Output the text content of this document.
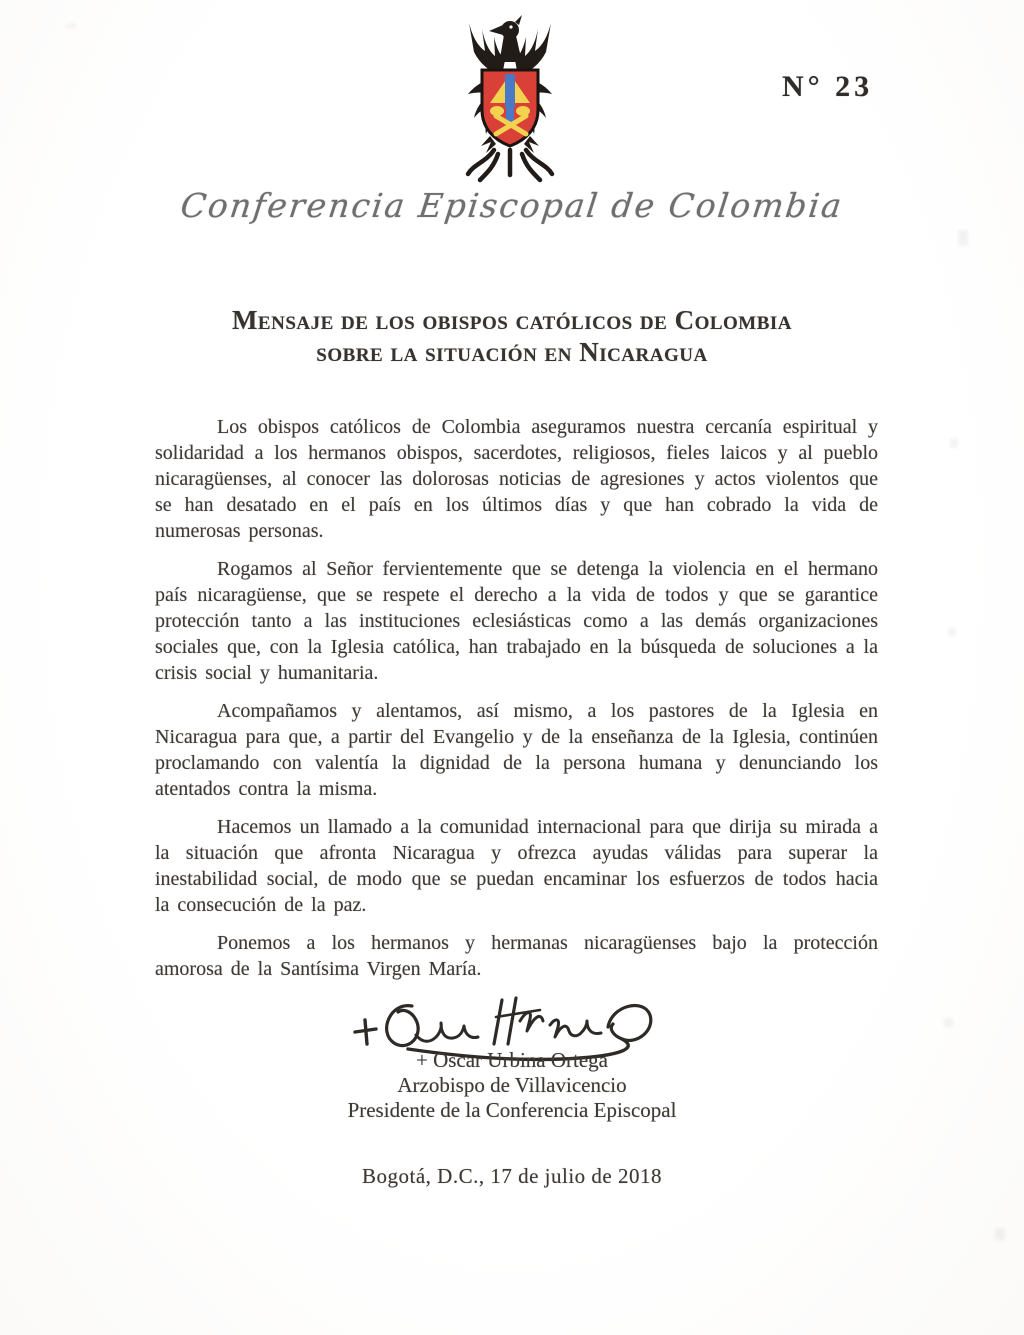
N° 23
Conferencia Episcopal de Colombia
Mensaje de los obispos católicos de Colombia
sobre la situación en Nicaragua

Los obispos católicos de Colombia aseguramos nuestra cercanía espiritual y solidaridad a los hermanos obispos, sacerdotes, religiosos, fieles laicos y al pueblo nicaragüenses, al conocer las dolorosas noticias de agresiones y actos violentos que se han desatado en el país en los últimos días y que han cobrado la vida de numerosas personas.

Rogamos al Señor fervientemente que se detenga la violencia en el hermano país nicaragüense, que se respete el derecho a la vida de todos y que se garantice protección tanto a las instituciones eclesiásticas como a las demás organizaciones sociales que, con la Iglesia católica, han trabajado en la búsqueda de soluciones a la crisis social y humanitaria.

Acompañamos y alentamos, así mismo, a los pastores de la Iglesia en Nicaragua para que, a partir del Evangelio y de la enseñanza de la Iglesia, continúen proclamando con valentía la dignidad de la persona humana y denunciando los atentados contra la misma.

Hacemos un llamado a la comunidad internacional para que dirija su mirada a la situación que afronta Nicaragua y ofrezca ayudas válidas para superar la inestabilidad social, de modo que se puedan encaminar los esfuerzos de todos hacia la consecución de la paz.

Ponemos a los hermanos y hermanas nicaragüenses bajo la protección amorosa de la Santísima Virgen María.

+ Oscar Urbina Ortega
Arzobispo de Villavicencio
Presidente de la Conferencia Episcopal
Bogotá, D.C., 17 de julio de 2018
